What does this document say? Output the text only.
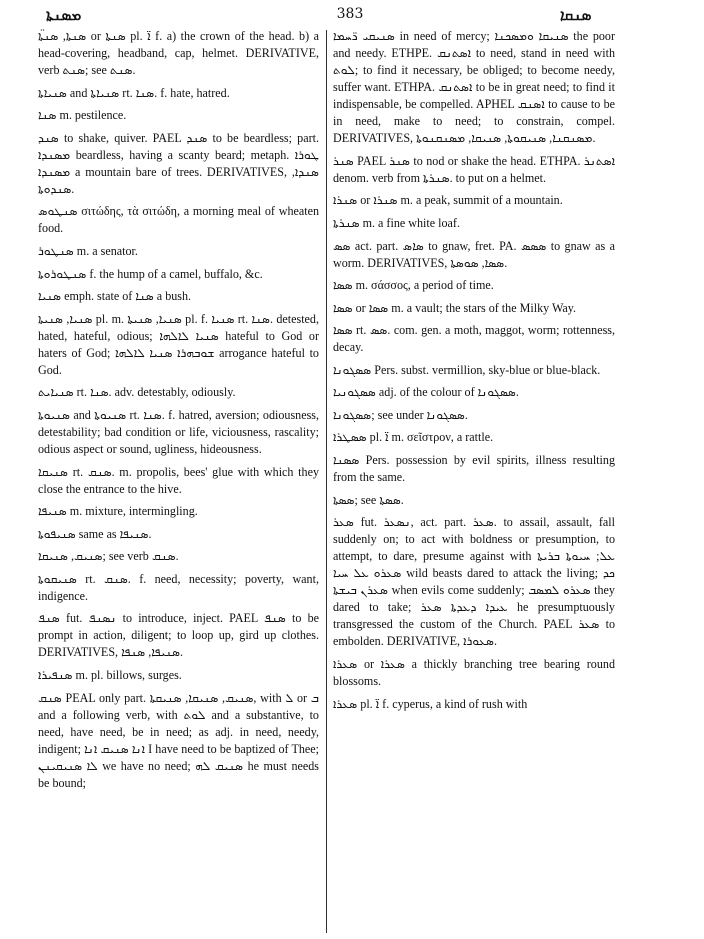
ܡܣܢܬܐ	383	ܣܢܩܐ

ܣܢܬܐ, ܣܢܬܐ̈ or ܣܢܬܐ pl. ܐ̈ f. a) the crown of the head. b) a head-covering, headband, cap, helmet. DERIVATIVE, verb ܣܢܬ; see ܣܢܬ.

ܣܢܝܐܬܐ and ܣܢܝܐܬܐ rt. ܣܢܐ. f. hate, hatred.

ܣܢܐ m. pestilence.

ܣܢܕ to shake, quiver. PAEL ܣܢܕ to be beardless; part. ܡܣܢܕܐ beardless, having a scanty beard; metaph. ܛܘܪܐ ܡܣܢܕܐ a mountain bare of trees. DERIVATIVES, ܣܢܕܐ, ܣܢܕܘܬܐ.

ܣܢܛܘܣ σιτώδης, τὰ σιτώδη, a morning meal of wheaten food.

ܣܢܛܘܪ m. a senator.

ܣܢܛܘܪܘܬܐ f. the hump of a camel, buffalo, &c.

ܣܢܝܐ emph. state of ܣܢܐ a bush.

ܣܢܝܐ, ܣܢܝܬܐ pl. m. ܣܢܝܐ, ܣܢܝܬܐ pl. f. ܣܢܝܐ rt. ܣܢܐ. detested, hated, hateful, odious; ܣܢܝܐ ܠܐܠܗܐ hateful to God or haters of God; ܫܘܒܗܪܐ ܣܢܝܐ ܠܐܠܗܐ arrogance hateful to God.

ܣܢܝܐܝܬ rt. ܣܢܐ. adv. detestably, odiously.

ܣܢܝܘܬܐ and ܣܢܝܘܬܐ rt. ܣܢܐ. f. hatred, aversion; odiousness, detestability; bad condition or life, viciousness, rascality; odious aspect or sound, ugliness, hideousness.

ܣܢܝܩܐ rt. ܣܢܩ. m. propolis, bees' glue with which they close the entrance to the hive.

ܣܢܝܦܐ m. mixture, intermingling.

ܣܢܝܦܘܬܐ same as ܣܢܝܦܐ.

ܣܢܝܩ, ܣܢܝܩܐ; see verb ܣܢܩ.

ܣܢܝܩܘܬܐ rt. ܣܢܩ. f. need, necessity; poverty, want, indigence.

ܣܢܦ fut. ܢܣܢܦ to introduce, inject. PAEL ܣܢܦ to be prompt in action, diligent; to loop up, gird up clothes. DERIVATIVES, ܣܢܝܦܐ, ܣܢܦܐ.

ܣܢܦܝܪܐ m. pl. billows, surges.

ܣܢܩ PEAL only part. ܣܢܝܩ, ܣܢܝܩܐ, ܣܢܝܩܬܐ, with ܠ or ܒ and a following verb, with ܠܘܬ and a substantive, to need, have need, be in need; as adj. in need, needy, indigent; ܐܢܐ ܣܢܝܩ ܐܢܐ I have need to be baptized of Thee; ܠܐ ܣܢܝܩܝܢܢ we have no need; ܣܢܝܩ ܠܗ he must needs be bound;

ܣܢܝܩܝ ܪ̈ܚܡܐ in need of mercy; ܣܢܝܩܐ ܘܡܣܟܢܐ the poor and needy. ETHPE. ܐܣܬܢܩ to need, stand in need with ܠܘܬ; to find it necessary, be obliged; to become needy, suffer want. ETHPA. ܐܣܬܢܩ to be in great need; to find it indispensable, be compelled. APHEL ܐܣܢܩ to cause to be in need, make to need; to constrain, compel. DERIVATIVES, ܡܣܢܩܢܐ, ܣܢܝܩܘܬܐ, ܣܢܝܩܐ, ܡܣܢܩܢܘܬܐ.

ܣܢܪ PAEL ܣܢܪ to nod or shake the head. ETHPA. ܐܣܬܢܪ denom. verb from ܣܢܪܬܐ. to put on a helmet.

ܣܢܪܐ or ܣܢܪܐ m. a peak, summit of a mountain.

ܣܢܪܬܐ m. a fine white loaf.

ܣܣ act. part. ܣܐܣ to gnaw, fret. PA. ܣܣܣ to gnaw as a worm. DERIVATIVES, ܣܣܐ, ܣܘܣܬܐ.

ܣܣܐ m. σάσσος, a period of time.

ܣܣܐ or ܣܣܐ m. a vault; the stars of the Milky Way.

ܣܣܐ rt. ܣܣ. com. gen. a moth, maggot, worm; rottenness, decay.

ܣܣܓܘܢܐ Pers. subst. vermillion, sky-blue or blue-black.

ܣܣܓܘܢܝܐ adj. of the colour of ܣܣܓܘܢܐ.

ܣܣܓܘܢܐ; see under ܣܣܓܘܢܐ.

ܣܣܛܪܐ pl. ܐ̈ m. σεῖστρον, a rattle.

ܣܣܢܐ Pers. possession by evil spirits, illness resulting from the same.

ܣܣܬܐ; see ܣܣܬܐ.

ܣܥܪ fut. ܢܣܥܪ, act. part. ܣܥܪ. to assail, assault, fall suddenly on; to act with boldness or presumption, to attempt, to dare, presume against with ܥܠ; ܚܝܘܬܐ ܒܪܝܬܐ ܣܥܪܘ ܥܠ ܚܝܐ wild beasts dared to attack the living; ܟܕ ܣܥܪܢ ܒܝܫܬܐ when evils come suddenly; ܣܥܪܘ ܠܡܣܒ they dared to take; ܥܝܕܐ ܕܥܕܬܐ ܣܥܪ he presumptuously transgressed the custom of the Church. PAEL ܣܥܪ to embolden. DERIVATIVE, ܣܥܘܪܐ.

ܣܥܪܐ or ܣܥܪܐ a thickly branching tree bearing round blossoms.

ܣܥܪܐ pl. ܐ̈ f. cyperus, a kind of rush with
